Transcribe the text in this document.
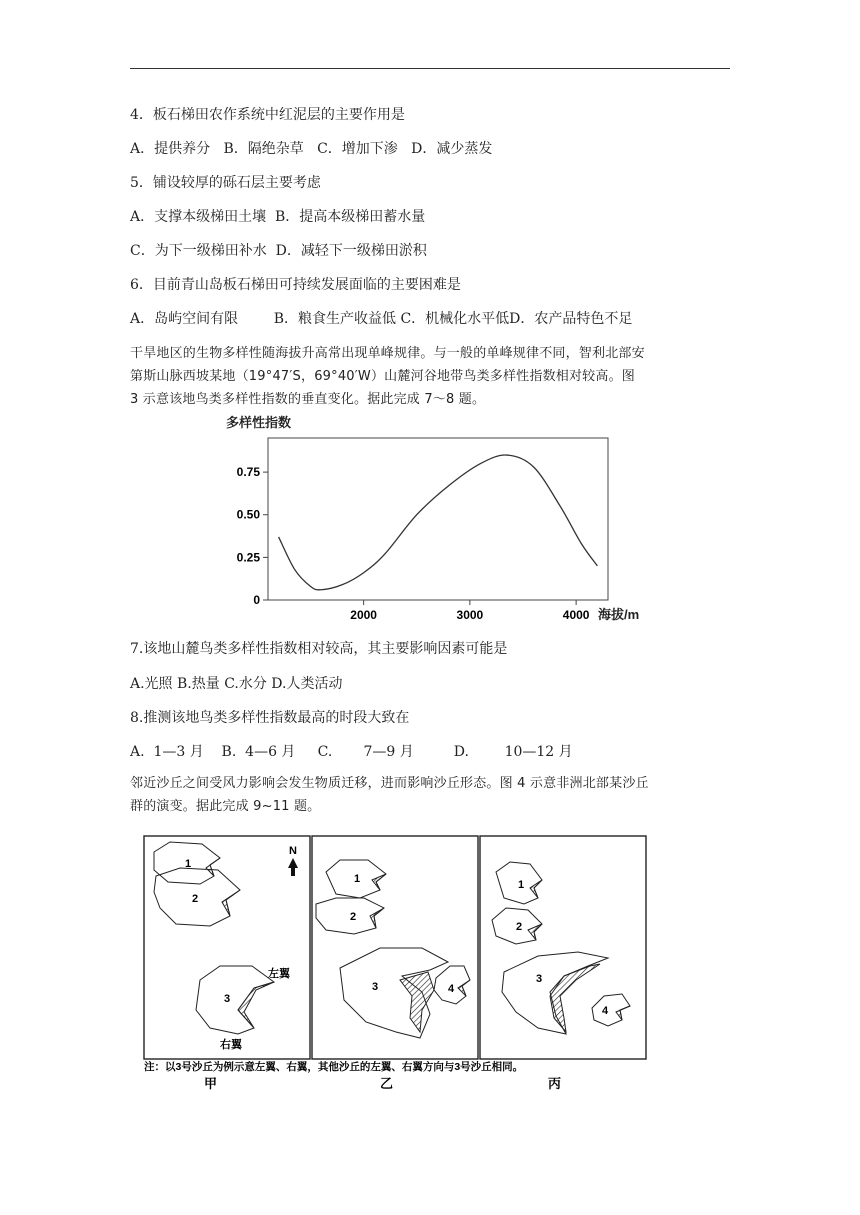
4．板石梯田农作系统中红泥层的主要作用是
A．提供养分   B．隔绝杂草   C．增加下渗   D．减少蒸发
5．铺设较厚的砾石层主要考虑
A．支撑本级梯田土壤  B．提高本级梯田蓄水量
C．为下一级梯田补水  D．减轻下一级梯田淤积
6．目前青山岛板石梯田可持续发展面临的主要困难是
A．岛屿空间有限        B．粮食生产收益低 C．机械化水平低D．农产品特色不足
干旱地区的生物多样性随海拔升高常出现单峰规律。与一般的单峰规律不同，智利北部安
第斯山脉西坡某地（19°47′S，69°40′W）山麓河谷地带鸟类多样性指数相对较高。图
3 示意该地鸟类多样性指数的垂直变化。据此完成 7～8 题。
多样性指数
0
0.25
0.50
0.75
2000	3000	4000 海拔/m
7.该地山麓鸟类多样性指数相对较高，其主要影响因素可能是
A.光照 B.热量 C.水分 D.人类活动
8.推测该地鸟类多样性指数最高的时段大致在
A.  1—3 月    B.  4—6 月     C.       7—9 月         D.        10—12 月
邻近沙丘之间受风力影响会发生物质迁移，进而影响沙丘形态。图 4 示意非洲北部某沙丘
群的演变。据此完成 9~11 题。
1
2
3
左翼
右翼
N
1
2
3	4
1
2
3
4
注：以3号沙丘为例示意左翼、右翼，其他沙丘的左翼、右翼方向与3号沙丘相同。
甲	乙	丙
